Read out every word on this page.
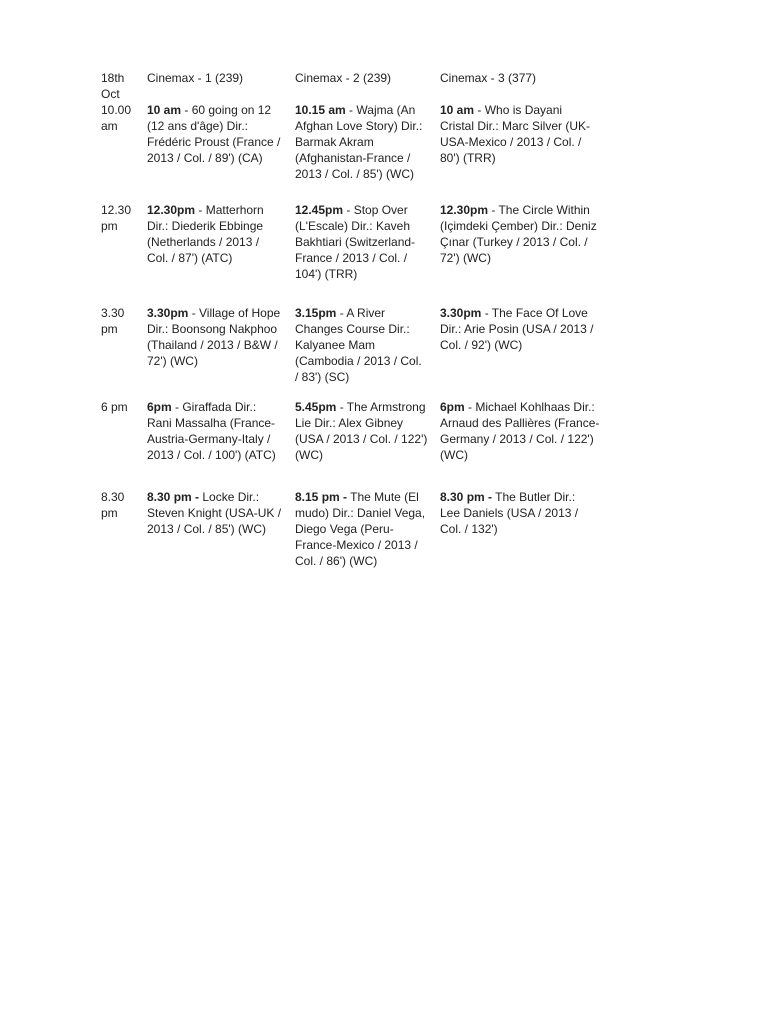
18th
Oct	Cinemax - 1 (239)	Cinemax - 2 (239)	Cinemax - 3 (377)
10.00
am	10 am - 60 going on 12
(12 ans d'âge) Dir.:
Frédéric Proust (France /
2013 / Col. / 89') (CA)	10.15 am - Wajma (An
Afghan Love Story) Dir.:
Barmak Akram
(Afghanistan-France /
2013 / Col. / 85') (WC)	10 am - Who is Dayani
Cristal Dir.: Marc Silver (UK-
USA-Mexico / 2013 / Col. /
80') (TRR)
12.30
pm	12.30pm - Matterhorn
Dir.: Diederik Ebbinge
(Netherlands / 2013 /
Col. / 87') (ATC)	12.45pm - Stop Over
(L'Escale) Dir.: Kaveh
Bakhtiari (Switzerland-
France / 2013 / Col. /
104') (TRR)	12.30pm - The Circle Within
(Içimdeki Çember) Dir.: Deniz
Çınar (Turkey / 2013 / Col. /
72') (WC)
3.30
pm	3.30pm - Village of Hope
Dir.: Boonsong Nakphoo
(Thailand / 2013 / B&W /
72') (WC)	3.15pm - A River
Changes Course Dir.:
Kalyanee Mam
(Cambodia / 2013 / Col.
/ 83') (SC)	3.30pm - The Face Of Love
Dir.: Arie Posin (USA / 2013 /
Col. / 92') (WC)
6 pm	6pm - Giraffada Dir.:
Rani Massalha (France-
Austria-Germany-Italy /
2013 / Col. / 100') (ATC)	5.45pm - The Armstrong
Lie Dir.: Alex Gibney
(USA / 2013 / Col. / 122')
(WC)	6pm - Michael Kohlhaas Dir.:
Arnaud des Pallières (France-
Germany / 2013 / Col. / 122')
(WC)
8.30
pm	8.30 pm - Locke Dir.:
Steven Knight (USA-UK /
2013 / Col. / 85') (WC)	8.15 pm - The Mute (El
mudo) Dir.: Daniel Vega,
Diego Vega (Peru-
France-Mexico / 2013 /
Col. / 86') (WC)	8.30 pm - The Butler Dir.:
Lee Daniels (USA / 2013 /
Col. / 132')
